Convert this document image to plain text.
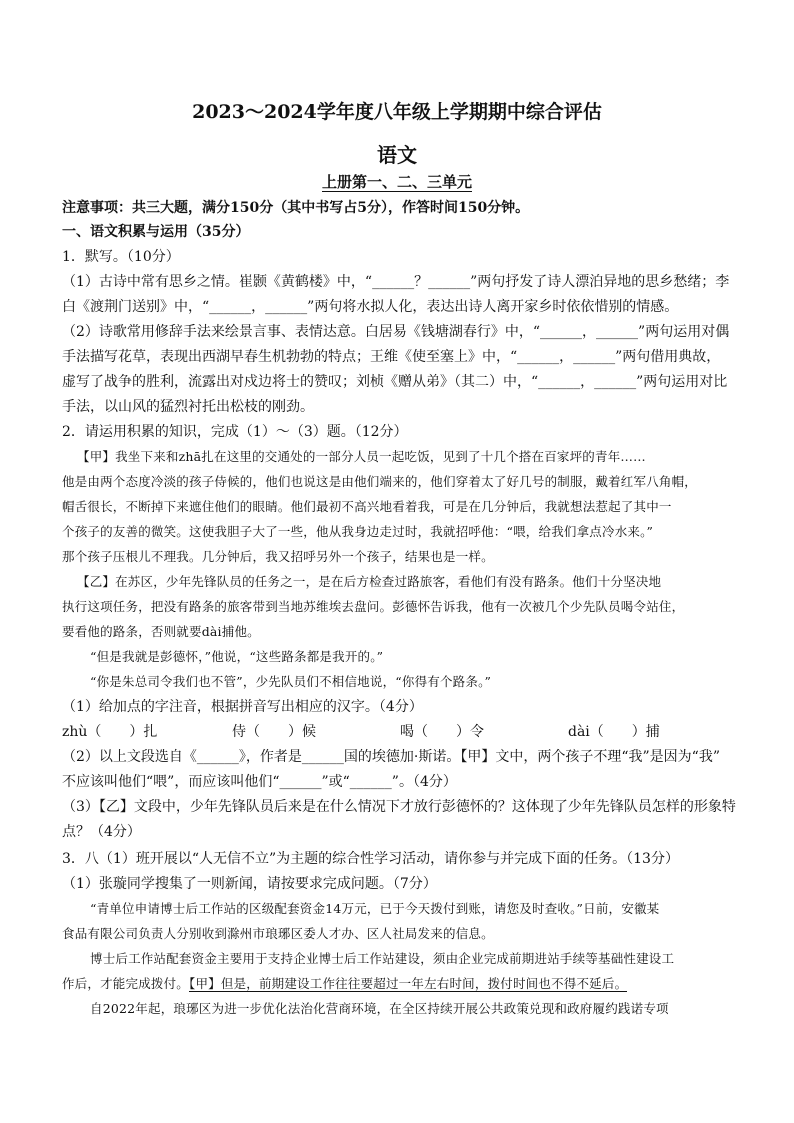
2023～2024学年度八年级上学期期中综合评估
语文
上册第一、二、三单元
注意事项：共三大题，满分150分（其中书写占5分），作答时间150分钟。
一、语文积累与运用（35分）
1．默写。（10分）
（1）古诗中常有思乡之情。崔颢《黄鹤楼》中，“______？______”两句抒发了诗人漂泊异地的思乡愁绪；李
白《渡荆门送别》中，“______，______”两句将水拟人化，表达出诗人离开家乡时依依惜别的情感。
（2）诗歌常用修辞手法来绘景言事、表情达意。白居易《钱塘湖春行》中，“______，______”两句运用对偶
手法描写花草，表现出西湖早春生机勃勃的特点；王维《使至塞上》中，“______，______”两句借用典故，
虚写了战争的胜利，流露出对戍边将士的赞叹；刘桢《赠从弟》（其二）中，“______，______”两句运用对比
手法，以山风的猛烈衬托出松枝的刚劲。
2．请运用积累的知识，完成（1）～（3）题。（12分）
【甲】我坐下来和zhā扎在这里的交通处的一部分人员一起吃饭，见到了十几个搭在百家坪的青年……
他是由两个态度冷淡的孩子侍候的，他们也说这是由他们端来的，他们穿着太了好几号的制服，戴着红军八角帽，
帽舌很长，不断掉下来遮住他们的眼睛。他们最初不高兴地看着我，可是在几分钟后，我就想法惹起了其中一
个孩子的友善的微笑。这使我胆子大了一些，他从我身边走过时，我就招呼他：“喂，给我们拿点冷水来。”
那个孩子压根儿不理我。几分钟后，我又招呼另外一个孩子，结果也是一样。
【乙】在苏区，少年先锋队员的任务之一，是在后方检查过路旅客，看他们有没有路条。他们十分坚决地
执行这项任务，把没有路条的旅客带到当地苏维埃去盘问。彭德怀告诉我，他有一次被几个少先队员喝令站住，
要看他的路条，否则就要dài捕他。
“但是我就是彭德怀，”他说，“这些路条都是我开的。”
“你是朱总司令我们也不管”，少先队员们不相信地说，“你得有个路条。”
（1）给加点的字注音，根据拼音写出相应的汉字。（4分）
zhù（　　）扎	侍（　　）候	喝（　　）令	dài（　　）捕
（2）以上文段选自《______》，作者是______国的埃德加·斯诺。【甲】文中，两个孩子不理“我”是因为“我”
不应该叫他们“喂”，而应该叫他们“______”或“______”。（4分）
（3）【乙】文段中，少年先锋队员后来是在什么情况下才放行彭德怀的？这体现了少年先锋队员怎样的形象特
点？（4分）
3．八（1）班开展以“人无信不立”为主题的综合性学习活动，请你参与并完成下面的任务。（13分）
（1）张璇同学搜集了一则新闻，请按要求完成问题。（7分）
“青单位申请博士后工作站的区级配套资金14万元，已于今天拨付到账，请您及时查收。”日前，安徽某
食品有限公司负责人分别收到滁州市琅琊区委人才办、区人社局发来的信息。
博士后工作站配套资金主要用于支持企业博士后工作站建设，须由企业完成前期进站手续等基础性建设工
作后，才能完成拨付。【甲】但是，前期建设工作往往要超过一年左右时间，拨付时间也不得不延后。
自2022年起，琅琊区为进一步优化法治化营商环境，在全区持续开展公共政策兑现和政府履约践诺专项
